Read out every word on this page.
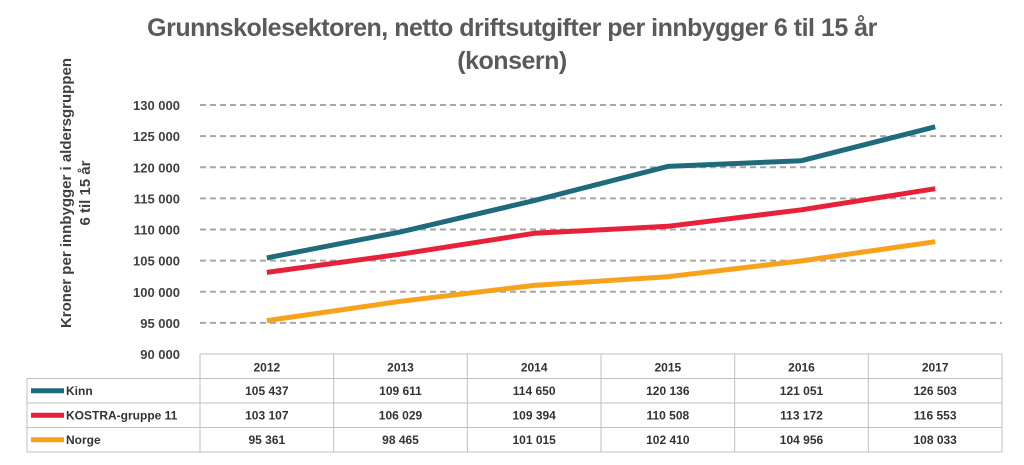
Grunnskolesektoren, netto driftsutgifter per innbygger 6 til 15 år
(konsern)
Kroner per innbygger i aldersgruppen 6 til 15 år
90 000
95 000
100 000
105 000
110 000
115 000
120 000
125 000
130 000
2012	2013	2014	2015	2016	2017
Kinn	105 437	109 611	114 650	120 136	121 051	126 503
KOSTRA-gruppe 11	103 107	106 029	109 394	110 508	113 172	116 553
Norge	95 361	98 465	101 015	102 410	104 956	108 033
